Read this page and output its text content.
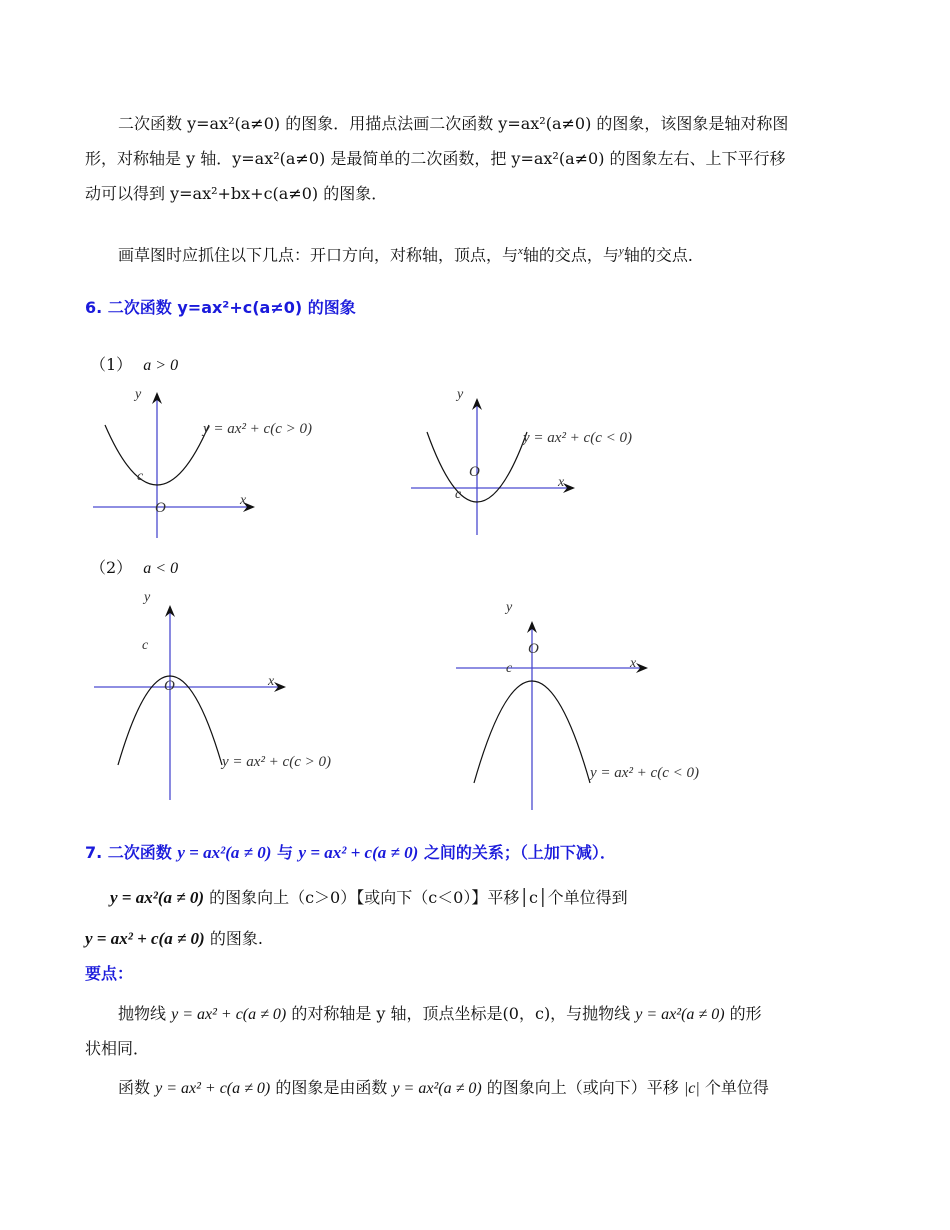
二次函数 y=ax²(a≠0) 的图象．用描点法画二次函数 y=ax²(a≠0) 的图象，该图象是轴对称图
形，对称轴是 y 轴．y=ax²(a≠0) 是最简单的二次函数，把 y=ax²(a≠0) 的图象左右、上下平行移
动可以得到 y=ax²+bx+c(a≠0) 的图象．
画草图时应抓住以下几点：开口方向，对称轴，顶点，与$^x$轴的交点，与$^y$轴的交点．
6. 二次函数 y=ax²+c(a≠0) 的图象
（1） a > 0
y
x
O
c
y = ax² + c(c > 0)
y
x
O
c
y = ax² + c(c < 0)
（2） a < 0
y
x
O
c
y = ax² + c(c > 0)
y
x
O
c
y = ax² + c(c < 0)
7. 二次函数 y = ax²(a ≠ 0) 与 y = ax² + c(a ≠ 0) 之间的关系；（上加下减）．
y = ax²(a ≠ 0) 的图象向上（c＞0）【或向下（c＜0）】平移│c│个单位得到
y = ax² + c(a ≠ 0) 的图象.
要点：
抛物线 y = ax² + c(a ≠ 0) 的对称轴是 y 轴，顶点坐标是(0，c)，与抛物线 y = ax²(a ≠ 0) 的形
状相同．
函数 y = ax² + c(a ≠ 0) 的图象是由函数 y = ax²(a ≠ 0) 的图象向上（或向下）平移 |c| 个单位得
